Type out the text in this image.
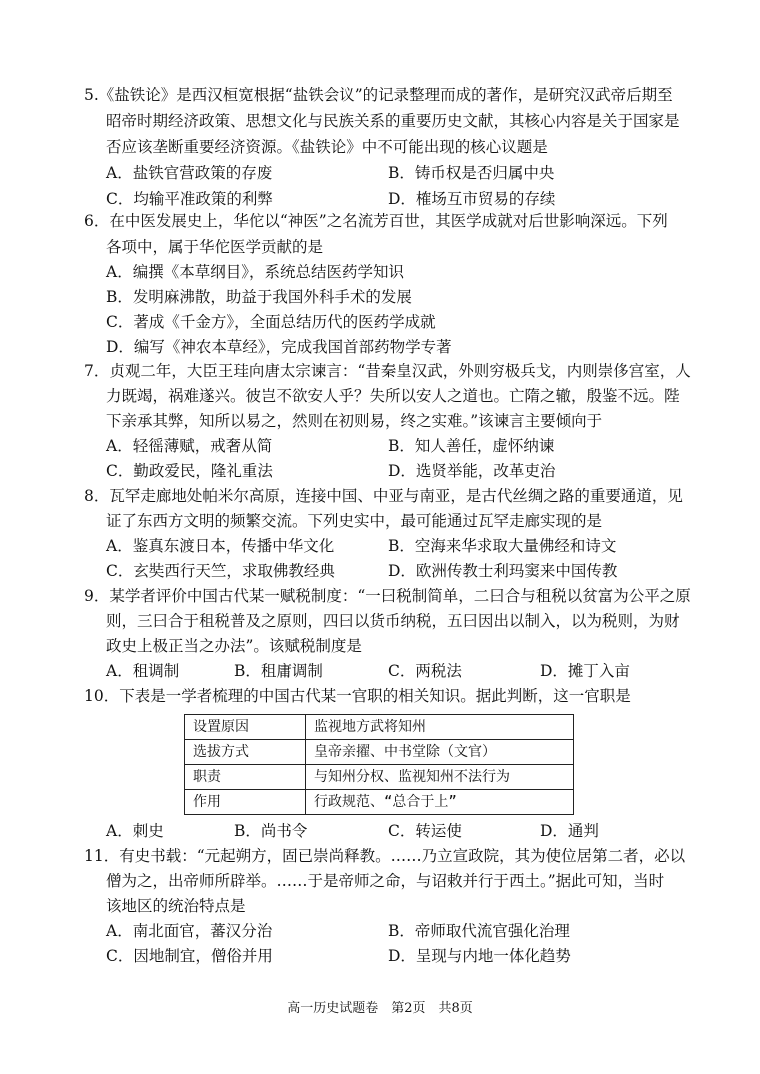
5.《盐铁论》是西汉桓宽根据“盐铁会议”的记录整理而成的著作，是研究汉武帝后期至
昭帝时期经济政策、思想文化与民族关系的重要历史文献，其核心内容是关于国家是
否应该垄断重要经济资源。《盐铁论》中不可能出现的核心议题是
A．盐铁官营政策的存废	B．铸币权是否归属中央
C．均输平准政策的利弊	D．榷场互市贸易的存续
6．在中医发展史上，华佗以“神医”之名流芳百世，其医学成就对后世影响深远。下列
各项中，属于华佗医学贡献的是
A．编撰《本草纲目》，系统总结医药学知识
B．发明麻沸散，助益于我国外科手术的发展
C．著成《千金方》，全面总结历代的医药学成就
D．编写《神农本草经》，完成我国首部药物学专著
7．贞观二年，大臣王珪向唐太宗谏言：“昔秦皇汉武，外则穷极兵戈，内则崇侈宫室，人
力既竭，祸难遂兴。彼岂不欲安人乎？失所以安人之道也。亡隋之辙，殷鉴不远。陛
下亲承其弊，知所以易之，然则在初则易，终之实难。”该谏言主要倾向于
A．轻徭薄赋，戒奢从简	B．知人善任，虚怀纳谏
C．勤政爱民，隆礼重法	D．选贤举能，改革吏治
8．瓦罕走廊地处帕米尔高原，连接中国、中亚与南亚，是古代丝绸之路的重要通道，见
证了东西方文明的频繁交流。下列史实中，最可能通过瓦罕走廊实现的是
A．鉴真东渡日本，传播中华文化	B．空海来华求取大量佛经和诗文
C．玄奘西行天竺，求取佛教经典	D．欧洲传教士利玛窦来中国传教
9．某学者评价中国古代某一赋税制度：“一曰税制简单，二曰合与租税以贫富为公平之原
则，三曰合于租税普及之原则，四曰以货币纳税，五曰因出以制入，以为税则，为财
政史上极正当之办法”。该赋税制度是
A．租调制	B．租庸调制	C．两税法	D．摊丁入亩
10．下表是一学者梳理的中国古代某一官职的相关知识。据此判断，这一官职是
设置原因	监视地方武将知州
选拔方式	皇帝亲擢、中书堂除（文官）
职责	与知州分权、监视知州不法行为
作用	行政规范、“总合于上”
A．刺史	B．尚书令	C．转运使	D．通判
11．有史书载：“元起朔方，固已崇尚释教。……乃立宣政院，其为使位居第二者，必以
僧为之，出帝师所辟举。……于是帝师之命，与诏敕并行于西土。”据此可知，当时
该地区的统治特点是
A．南北面官，蕃汉分治	B．帝师取代流官强化治理
C．因地制宜，僧俗并用	D．呈现与内地一体化趋势
高一历史试题卷　第2页　共8页
